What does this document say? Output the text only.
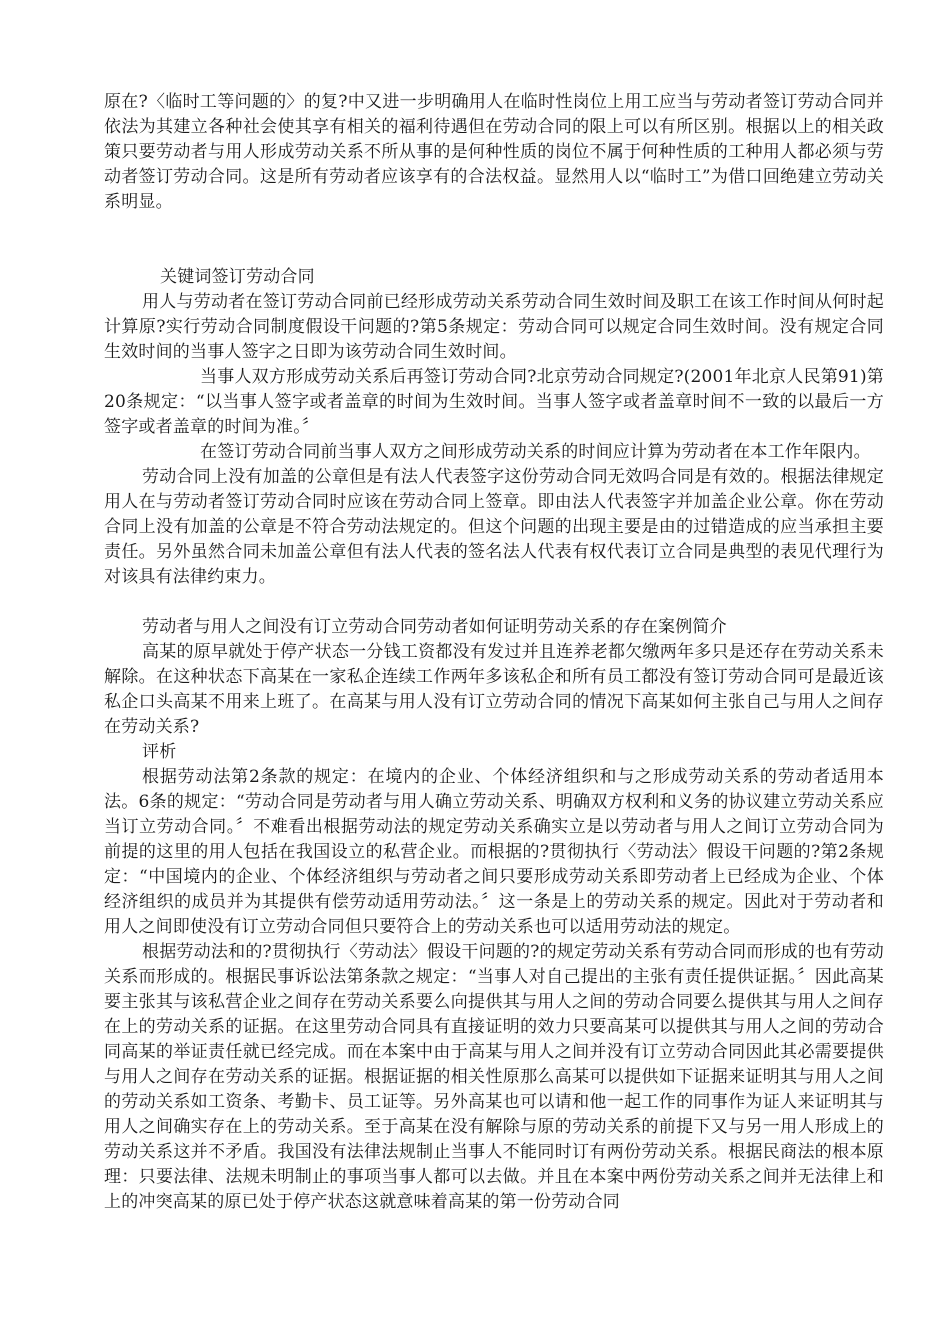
原在?〈临时工等问题的〉的复?中又进一步明确用人在临时性岗位上用工应当与劳动者签订劳动合同并依法为其建立各种社会使其享有相关的福利待遇但在劳动合同的限上可以有所区别。根据以上的相关政策只要劳动者与用人形成劳动关系不所从事的是何种性质的岗位不属于何种性质的工种用人都必须与劳动者签订劳动合同。这是所有劳动者应该享有的合法权益。显然用人以“临时工”为借口回绝建立劳动关系明显。

关键词签订劳动合同

用人与劳动者在签订劳动合同前已经形成劳动关系劳动合同生效时间及职工在该工作时间从何时起计算原?实行劳动合同制度假设干问题的?第5条规定：劳动合同可以规定合同生效时间。没有规定合同生效时间的当事人签字之日即为该劳动合同生效时间。

当事人双方形成劳动关系后再签订劳动合同?北京劳动合同规定?(2001年北京人民第91)第20条规定：“以当事人签字或者盖章的时间为生效时间。当事人签字或者盖章时间不一致的以最后一方签字或者盖章的时间为准。〞

在签订劳动合同前当事人双方之间形成劳动关系的时间应计算为劳动者在本工作年限内。

劳动合同上没有加盖的公章但是有法人代表签字这份劳动合同无效吗合同是有效的。根据法律规定用人在与劳动者签订劳动合同时应该在劳动合同上签章。即由法人代表签字并加盖企业公章。你在劳动合同上没有加盖的公章是不符合劳动法规定的。但这个问题的出现主要是由的过错造成的应当承担主要责任。另外虽然合同未加盖公章但有法人代表的签名法人代表有权代表订立合同是典型的表见代理行为对该具有法律约束力。

劳动者与用人之间没有订立劳动合同劳动者如何证明劳动关系的存在案例简介

高某的原早就处于停产状态一分钱工资都没有发过并且连养老都欠缴两年多只是还存在劳动关系未解除。在这种状态下高某在一家私企连续工作两年多该私企和所有员工都没有签订劳动合同可是最近该私企口头高某不用来上班了。在高某与用人没有订立劳动合同的情况下高某如何主张自己与用人之间存在劳动关系?

评析

根据劳动法第2条款的规定：在境内的企业、个体经济组织和与之形成劳动关系的劳动者适用本法。6条的规定：“劳动合同是劳动者与用人确立劳动关系、明确双方权利和义务的协议建立劳动关系应当订立劳动合同。〞不难看出根据劳动法的规定劳动关系确实立是以劳动者与用人之间订立劳动合同为前提的这里的用人包括在我国设立的私营企业。而根据的?贯彻执行〈劳动法〉假设干问题的?第2条规定：“中国境内的企业、个体经济组织与劳动者之间只要形成劳动关系即劳动者上已经成为企业、个体经济组织的成员并为其提供有偿劳动适用劳动法。〞这一条是上的劳动关系的规定。因此对于劳动者和用人之间即使没有订立劳动合同但只要符合上的劳动关系也可以适用劳动法的规定。

根据劳动法和的?贯彻执行〈劳动法〉假设干问题的?的规定劳动关系有劳动合同而形成的也有劳动关系而形成的。根据民事诉讼法第条款之规定：“当事人对自己提出的主张有责任提供证据。〞因此高某要主张其与该私营企业之间存在劳动关系要么向提供其与用人之间的劳动合同要么提供其与用人之间存在上的劳动关系的证据。在这里劳动合同具有直接证明的效力只要高某可以提供其与用人之间的劳动合同高某的举证责任就已经完成。而在本案中由于高某与用人之间并没有订立劳动合同因此其必需要提供与用人之间存在劳动关系的证据。根据证据的相关性原那么高某可以提供如下证据来证明其与用人之间的劳动关系如工资条、考勤卡、员工证等。另外高某也可以请和他一起工作的同事作为证人来证明其与用人之间确实存在上的劳动关系。至于高某在没有解除与原的劳动关系的前提下又与另一用人形成上的劳动关系这并不矛盾。我国没有法律法规制止当事人不能同时订有两份劳动关系。根据民商法的根本原理：只要法律、法规未明制止的事项当事人都可以去做。并且在本案中两份劳动关系之间并无法律上和上的冲突高某的原已处于停产状态这就意味着高某的第一份劳动合同
